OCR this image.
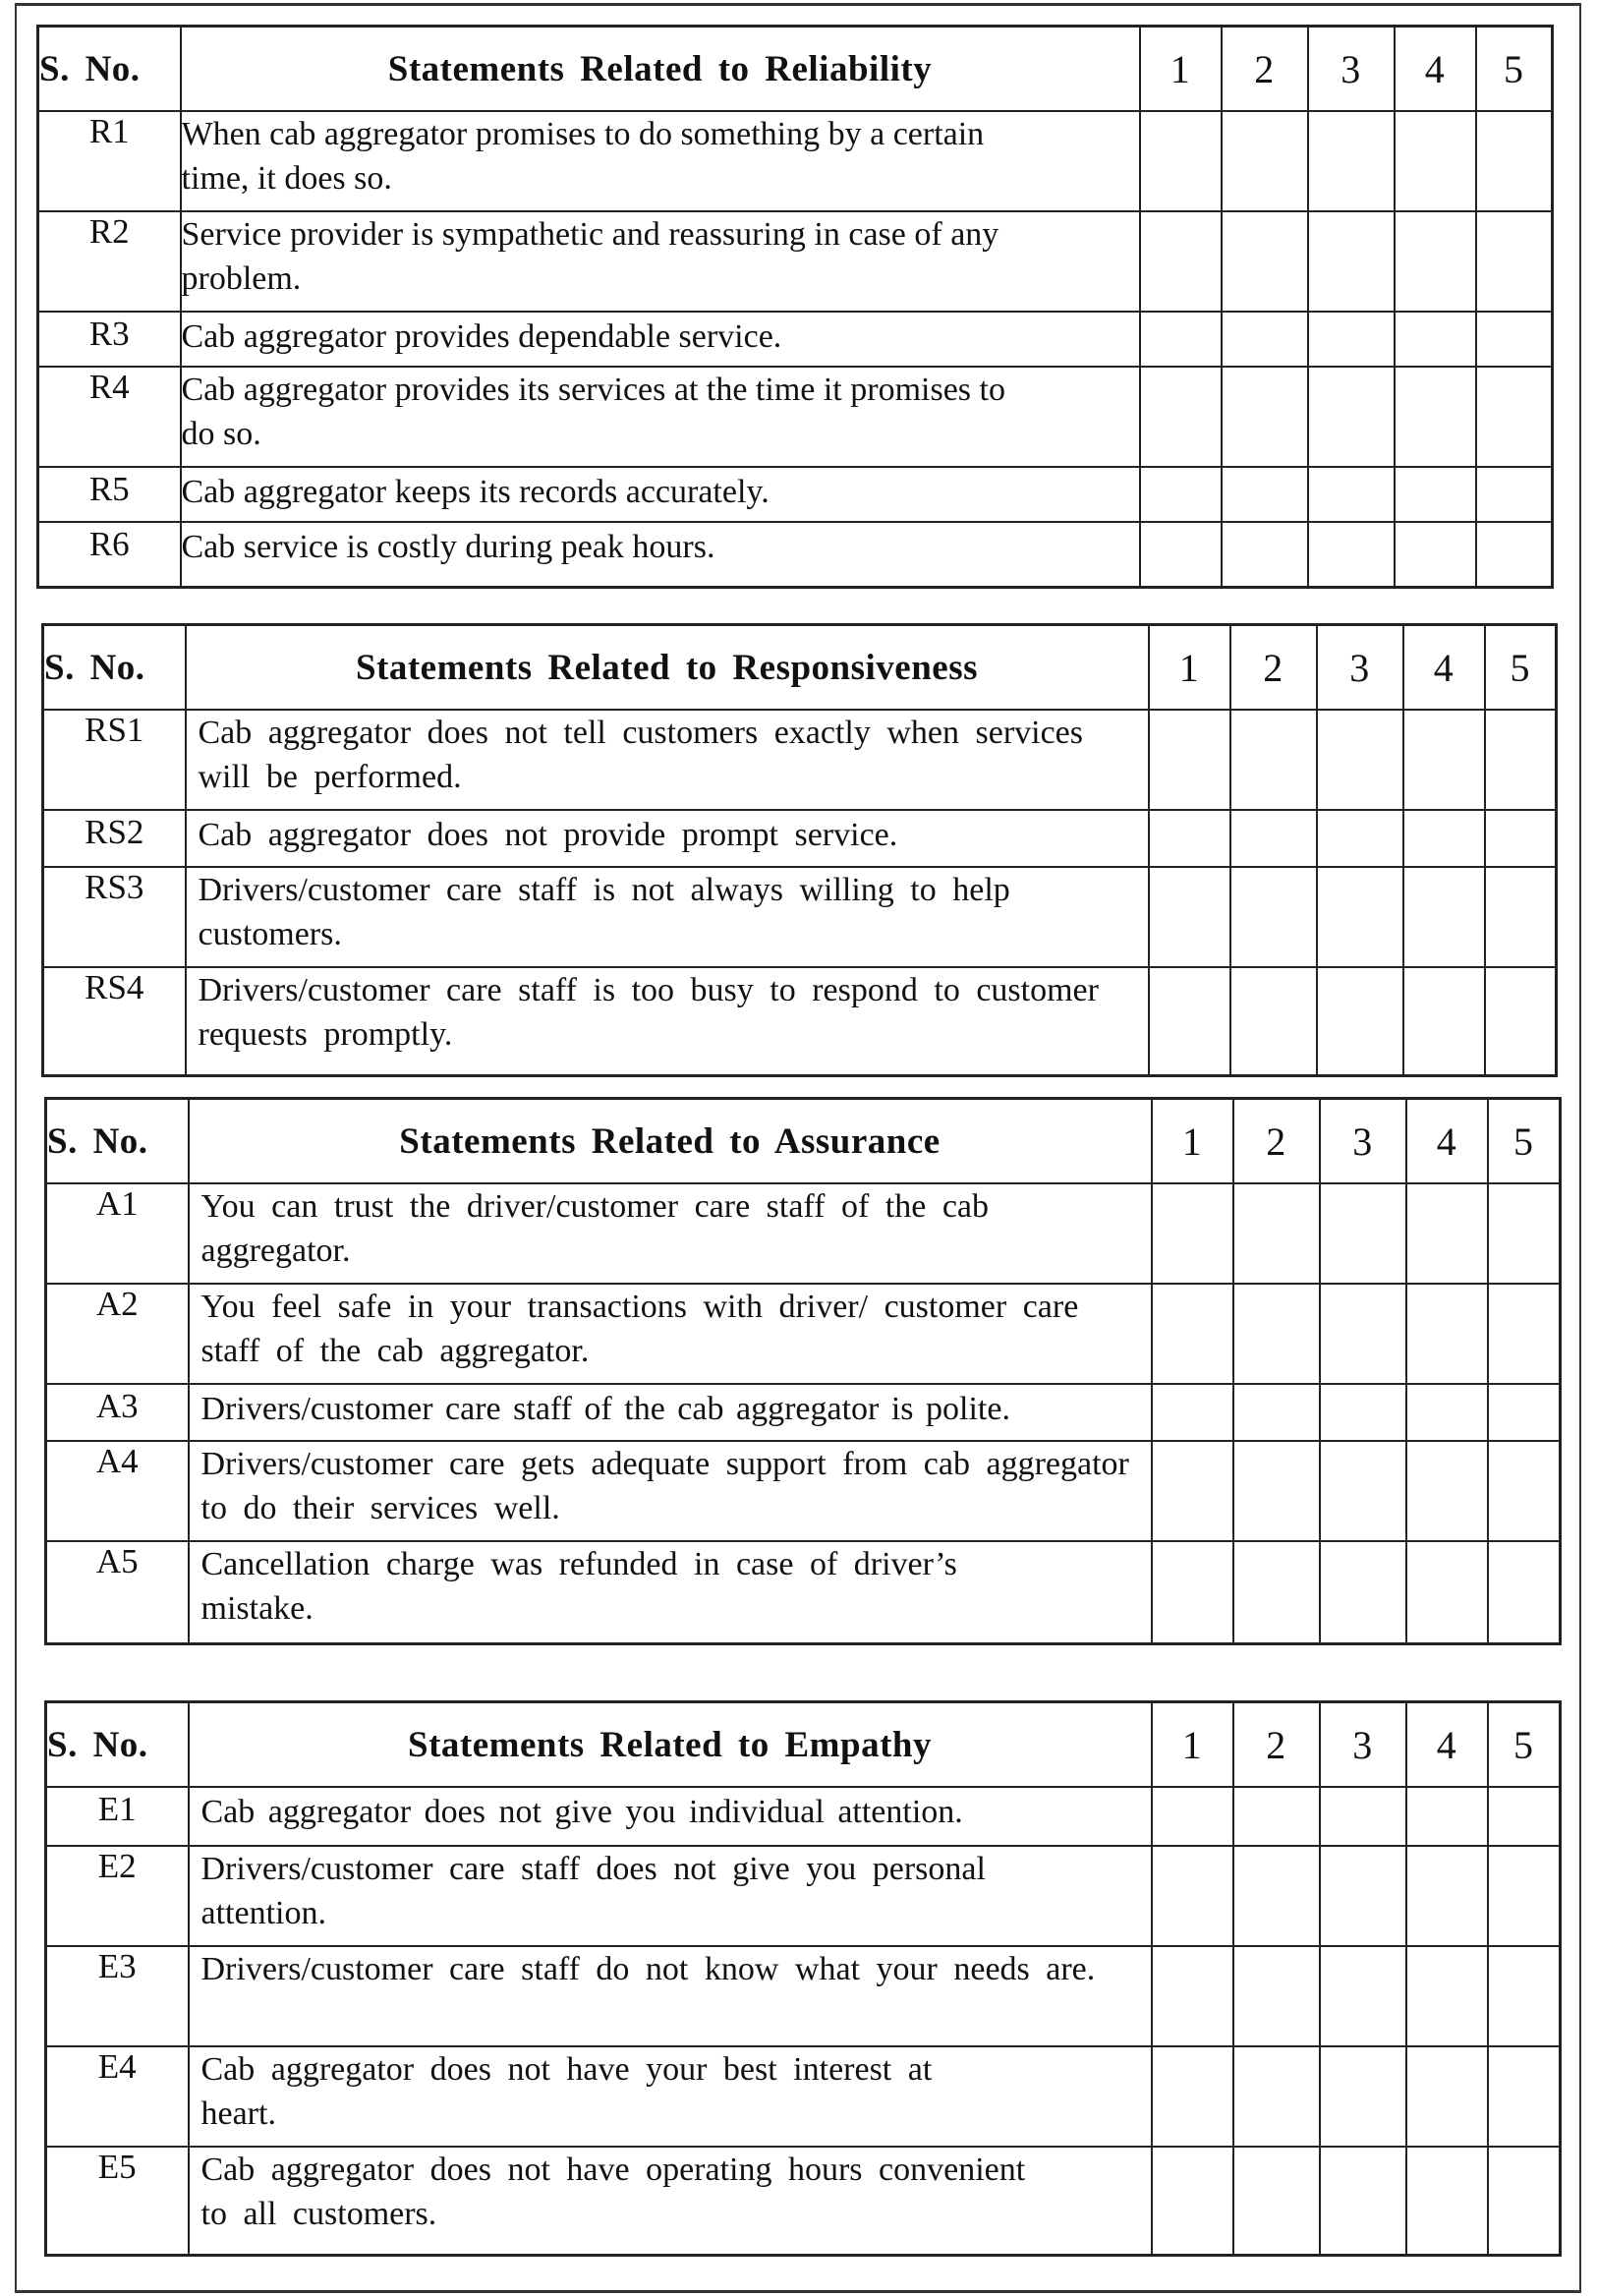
S. No.	Statements Related to Reliability	1	2	3	4	5
R1	When cab aggregator promises to do something by a certain time, it does so.					
R2	Service provider is sympathetic and reassuring in case of any problem.					
R3	Cab aggregator provides dependable service.					
R4	Cab aggregator provides its services at the time it promises to do so.					
R5	Cab aggregator keeps its records accurately.					
R6	Cab service is costly during peak hours.					
S. No.	Statements Related to Responsiveness	1	2	3	4	5
RS1	Cab aggregator does not tell customers exactly when services will be performed.					
RS2	Cab aggregator does not provide prompt service.					
RS3	Drivers/customer care staff is not always willing to help customers.					
RS4	Drivers/customer care staff is too busy to respond to customer requests promptly.					
S. No.	Statements Related to Assurance	1	2	3	4	5
A1	You can trust the driver/customer care staff of the cab aggregator.					
A2	You feel safe in your transactions with driver/ customer care staff of the cab aggregator.					
A3	Drivers/customer care staff of the cab aggregator is polite.					
A4	Drivers/customer care gets adequate support from cab aggregator to do their services well.					
A5	Cancellation charge was refunded in case of driver’s mistake.					
S. No.	Statements Related to Empathy	1	2	3	4	5
E1	Cab aggregator does not give you individual attention.					
E2	Drivers/customer care staff does not give you personal attention.					
E3	Drivers/customer care staff do not know what your needs are.					
E4	Cab aggregator does not have your best interest at heart.					
E5	Cab aggregator does not have operating hours convenient to all customers.					
